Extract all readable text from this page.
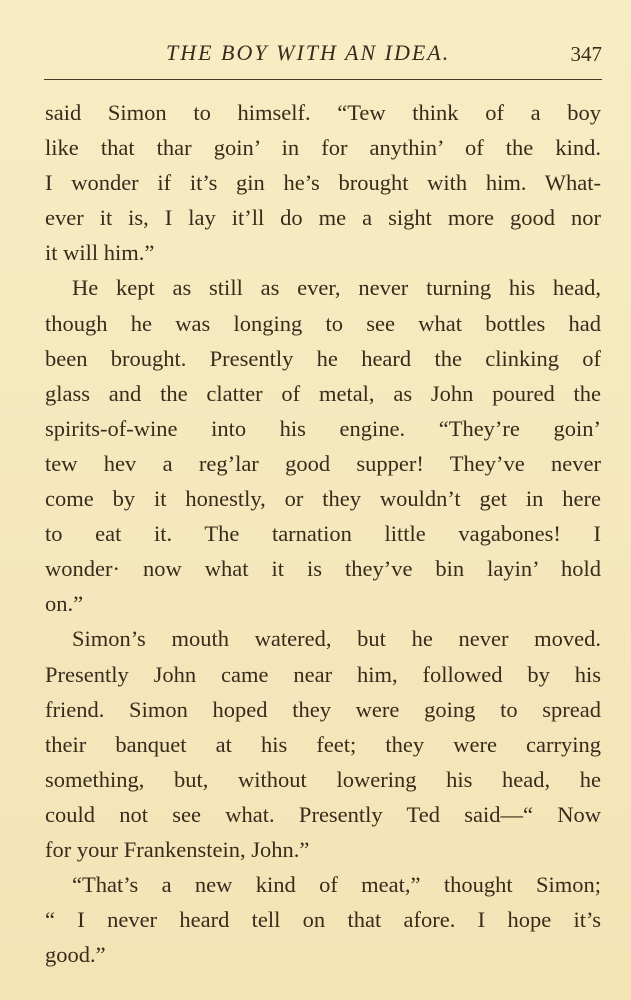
THE BOY WITH AN IDEA.	347
said Simon to himself. “Tew think of a boy
like that thar goin’ in for anythin’ of the kind.
I wonder if it’s gin he’s brought with him. What-
ever it is, I lay it’ll do me a sight more good nor
it will him.”
He kept as still as ever, never turning his head,
though he was longing to see what bottles had
been brought. Presently he heard the clinking of
glass and the clatter of metal, as John poured the
spirits-of-wine into his engine. “They’re goin’
tew hev a reg’lar good supper! They’ve never
come by it honestly, or they wouldn’t get in here
to eat it. The tarnation little vagabones! I
wonder· now what it is they’ve bin layin’ hold
on.”
Simon’s mouth watered, but he never moved.
Presently John came near him, followed by his
friend. Simon hoped they were going to spread
their banquet at his feet; they were carrying
something, but, without lowering his head, he
could not see what. Presently Ted said—“ Now
for your Frankenstein, John.”
“That’s a new kind of meat,” thought Simon;
“ I never heard tell on that afore. I hope it’s
good.”
